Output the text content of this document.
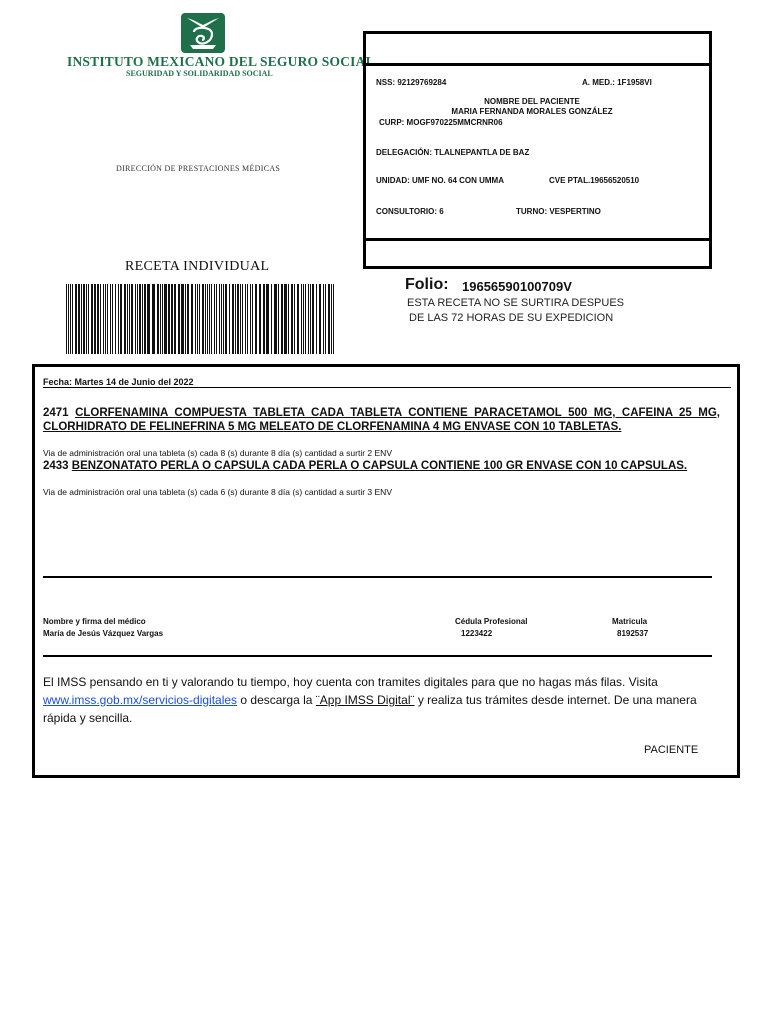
INSTITUTO MEXICANO DEL SEGURO SOCIAL
SEGURIDAD Y SOLIDARIDAD SOCIAL
DIRECCIÓN DE PRESTACIONES MÉDICAS
RECETA INDIVIDUAL
NSS: 92129769284	A. MED.: 1F1958VI
NOMBRE DEL PACIENTE
MARIA FERNANDA MORALES GONZÁLEZ
CURP: MOGF970225MMCRNR06
DELEGACIÓN: TLALNEPANTLA DE BAZ
UNIDAD: UMF NO. 64 CON UMMA	CVE PTAL.19656520510
CONSULTORIO: 6	TURNO: VESPERTINO
Folio: 19656590100709V
ESTA RECETA NO SE SURTIRA DESPUES
DE LAS 72 HORAS DE SU EXPEDICION
Fecha: Martes 14 de Junio del 2022
2471 CLORFENAMINA COMPUESTA TABLETA CADA TABLETA CONTIENE PARACETAMOL 500 MG, CAFEINA 25 MG, CLORHIDRATO DE FELINEFRINA 5 MG MELEATO DE CLORFENAMINA 4 MG ENVASE CON 10 TABLETAS.
Via de administración oral una tableta (s) cada 8 (s) durante 8 día (s) cantidad a surtir 2 ENV
2433 BENZONATATO PERLA O CAPSULA CADA PERLA O CAPSULA CONTIENE 100 GR ENVASE CON 10 CAPSULAS.
Via de administración oral una tableta (s) cada 6 (s) durante 8 día (s) cantidad a surtir 3 ENV
Nombre y firma del médico
María de Jesús Vázquez Vargas
Cédula Profesional
1223422
Matricula
8192537
El IMSS pensando en ti y valorando tu tiempo, hoy cuenta con tramites digitales para que no hagas más filas. Visita www.imss.gob.mx/servicios-digitales o descarga la ¨App IMSS Digital¨ y realiza tus trámites desde internet. De una manera rápida y sencilla.
PACIENTE
